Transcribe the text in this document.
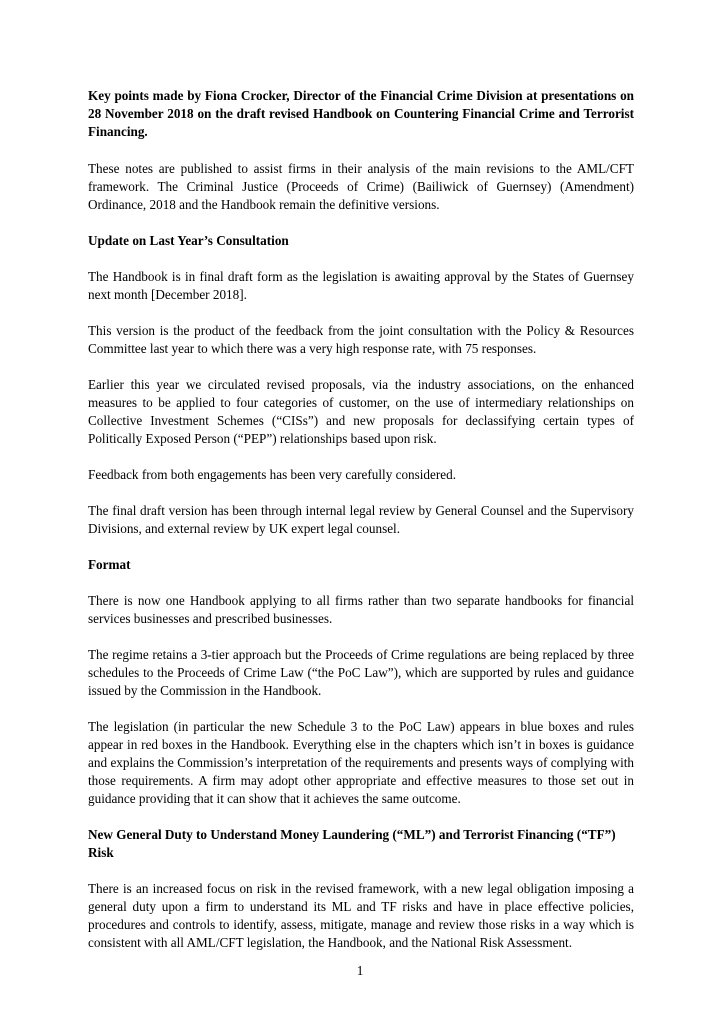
Key points made by Fiona Crocker, Director of the Financial Crime Division at presentations on 28 November 2018 on the draft revised Handbook on Countering Financial Crime and Terrorist Financing.

These notes are published to assist firms in their analysis of the main revisions to the AML/CFT framework. The Criminal Justice (Proceeds of Crime) (Bailiwick of Guernsey) (Amendment) Ordinance, 2018 and the Handbook remain the definitive versions.

Update on Last Year’s Consultation

The Handbook is in final draft form as the legislation is awaiting approval by the States of Guernsey next month [December 2018].

This version is the product of the feedback from the joint consultation with the Policy & Resources Committee last year to which there was a very high response rate, with 75 responses.

Earlier this year we circulated revised proposals, via the industry associations, on the enhanced measures to be applied to four categories of customer, on the use of intermediary relationships on Collective Investment Schemes (“CISs”) and new proposals for declassifying certain types of Politically Exposed Person (“PEP”) relationships based upon risk.

Feedback from both engagements has been very carefully considered.

The final draft version has been through internal legal review by General Counsel and the Supervisory Divisions, and external review by UK expert legal counsel.

Format

There is now one Handbook applying to all firms rather than two separate handbooks for financial services businesses and prescribed businesses.

The regime retains a 3-tier approach but the Proceeds of Crime regulations are being replaced by three schedules to the Proceeds of Crime Law (“the PoC Law”), which are supported by rules and guidance issued by the Commission in the Handbook.

The legislation (in particular the new Schedule 3 to the PoC Law) appears in blue boxes and rules appear in red boxes in the Handbook. Everything else in the chapters which isn’t in boxes is guidance and explains the Commission’s interpretation of the requirements and presents ways of complying with those requirements. A firm may adopt other appropriate and effective measures to those set out in guidance providing that it can show that it achieves the same outcome.

New General Duty to Understand Money Laundering (“ML”) and Terrorist Financing (“TF”) Risk

There is an increased focus on risk in the revised framework, with a new legal obligation imposing a general duty upon a firm to understand its ML and TF risks and have in place effective policies, procedures and controls to identify, assess, mitigate, manage and review those risks in a way which is consistent with all AML/CFT legislation, the Handbook, and the National Risk Assessment.

1
